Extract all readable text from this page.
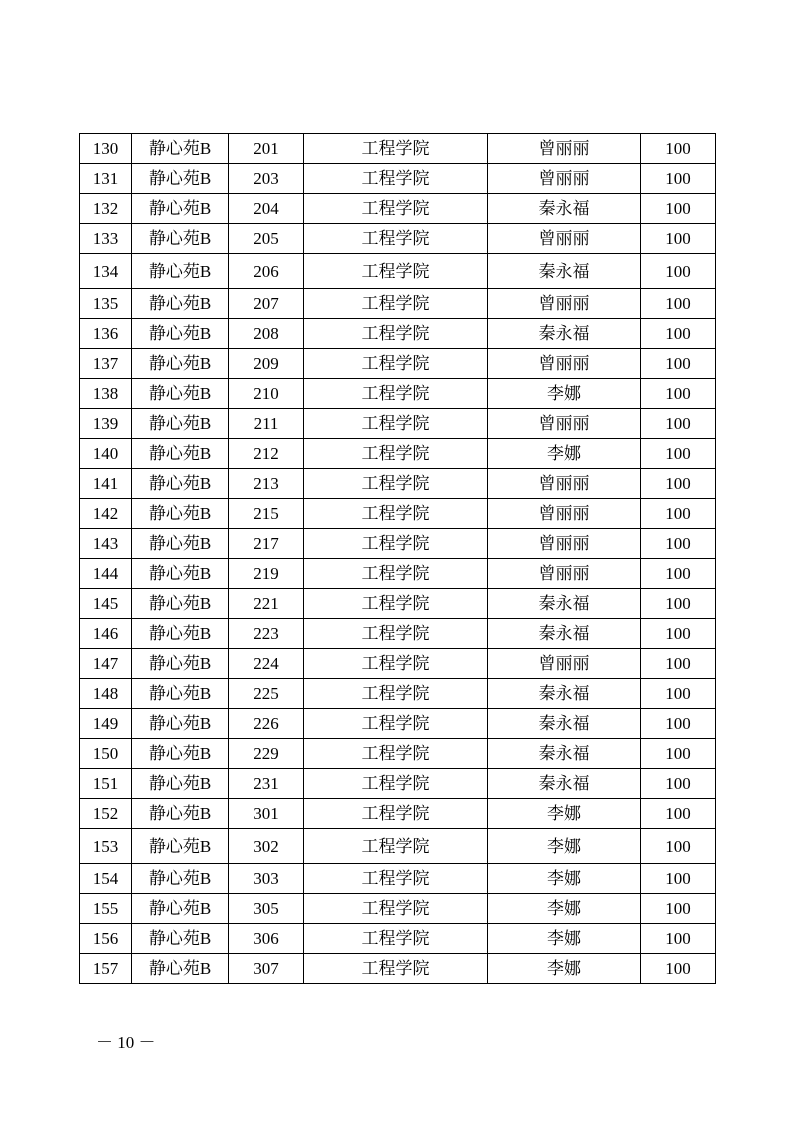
130	静心苑B	201	工程学院	曾丽丽	100
131	静心苑B	203	工程学院	曾丽丽	100
132	静心苑B	204	工程学院	秦永福	100
133	静心苑B	205	工程学院	曾丽丽	100
134	静心苑B	206	工程学院	秦永福	100
135	静心苑B	207	工程学院	曾丽丽	100
136	静心苑B	208	工程学院	秦永福	100
137	静心苑B	209	工程学院	曾丽丽	100
138	静心苑B	210	工程学院	李娜	100
139	静心苑B	211	工程学院	曾丽丽	100
140	静心苑B	212	工程学院	李娜	100
141	静心苑B	213	工程学院	曾丽丽	100
142	静心苑B	215	工程学院	曾丽丽	100
143	静心苑B	217	工程学院	曾丽丽	100
144	静心苑B	219	工程学院	曾丽丽	100
145	静心苑B	221	工程学院	秦永福	100
146	静心苑B	223	工程学院	秦永福	100
147	静心苑B	224	工程学院	曾丽丽	100
148	静心苑B	225	工程学院	秦永福	100
149	静心苑B	226	工程学院	秦永福	100
150	静心苑B	229	工程学院	秦永福	100
151	静心苑B	231	工程学院	秦永福	100
152	静心苑B	301	工程学院	李娜	100
153	静心苑B	302	工程学院	李娜	100
154	静心苑B	303	工程学院	李娜	100
155	静心苑B	305	工程学院	李娜	100
156	静心苑B	306	工程学院	李娜	100
157	静心苑B	307	工程学院	李娜	100
－ 10 －
